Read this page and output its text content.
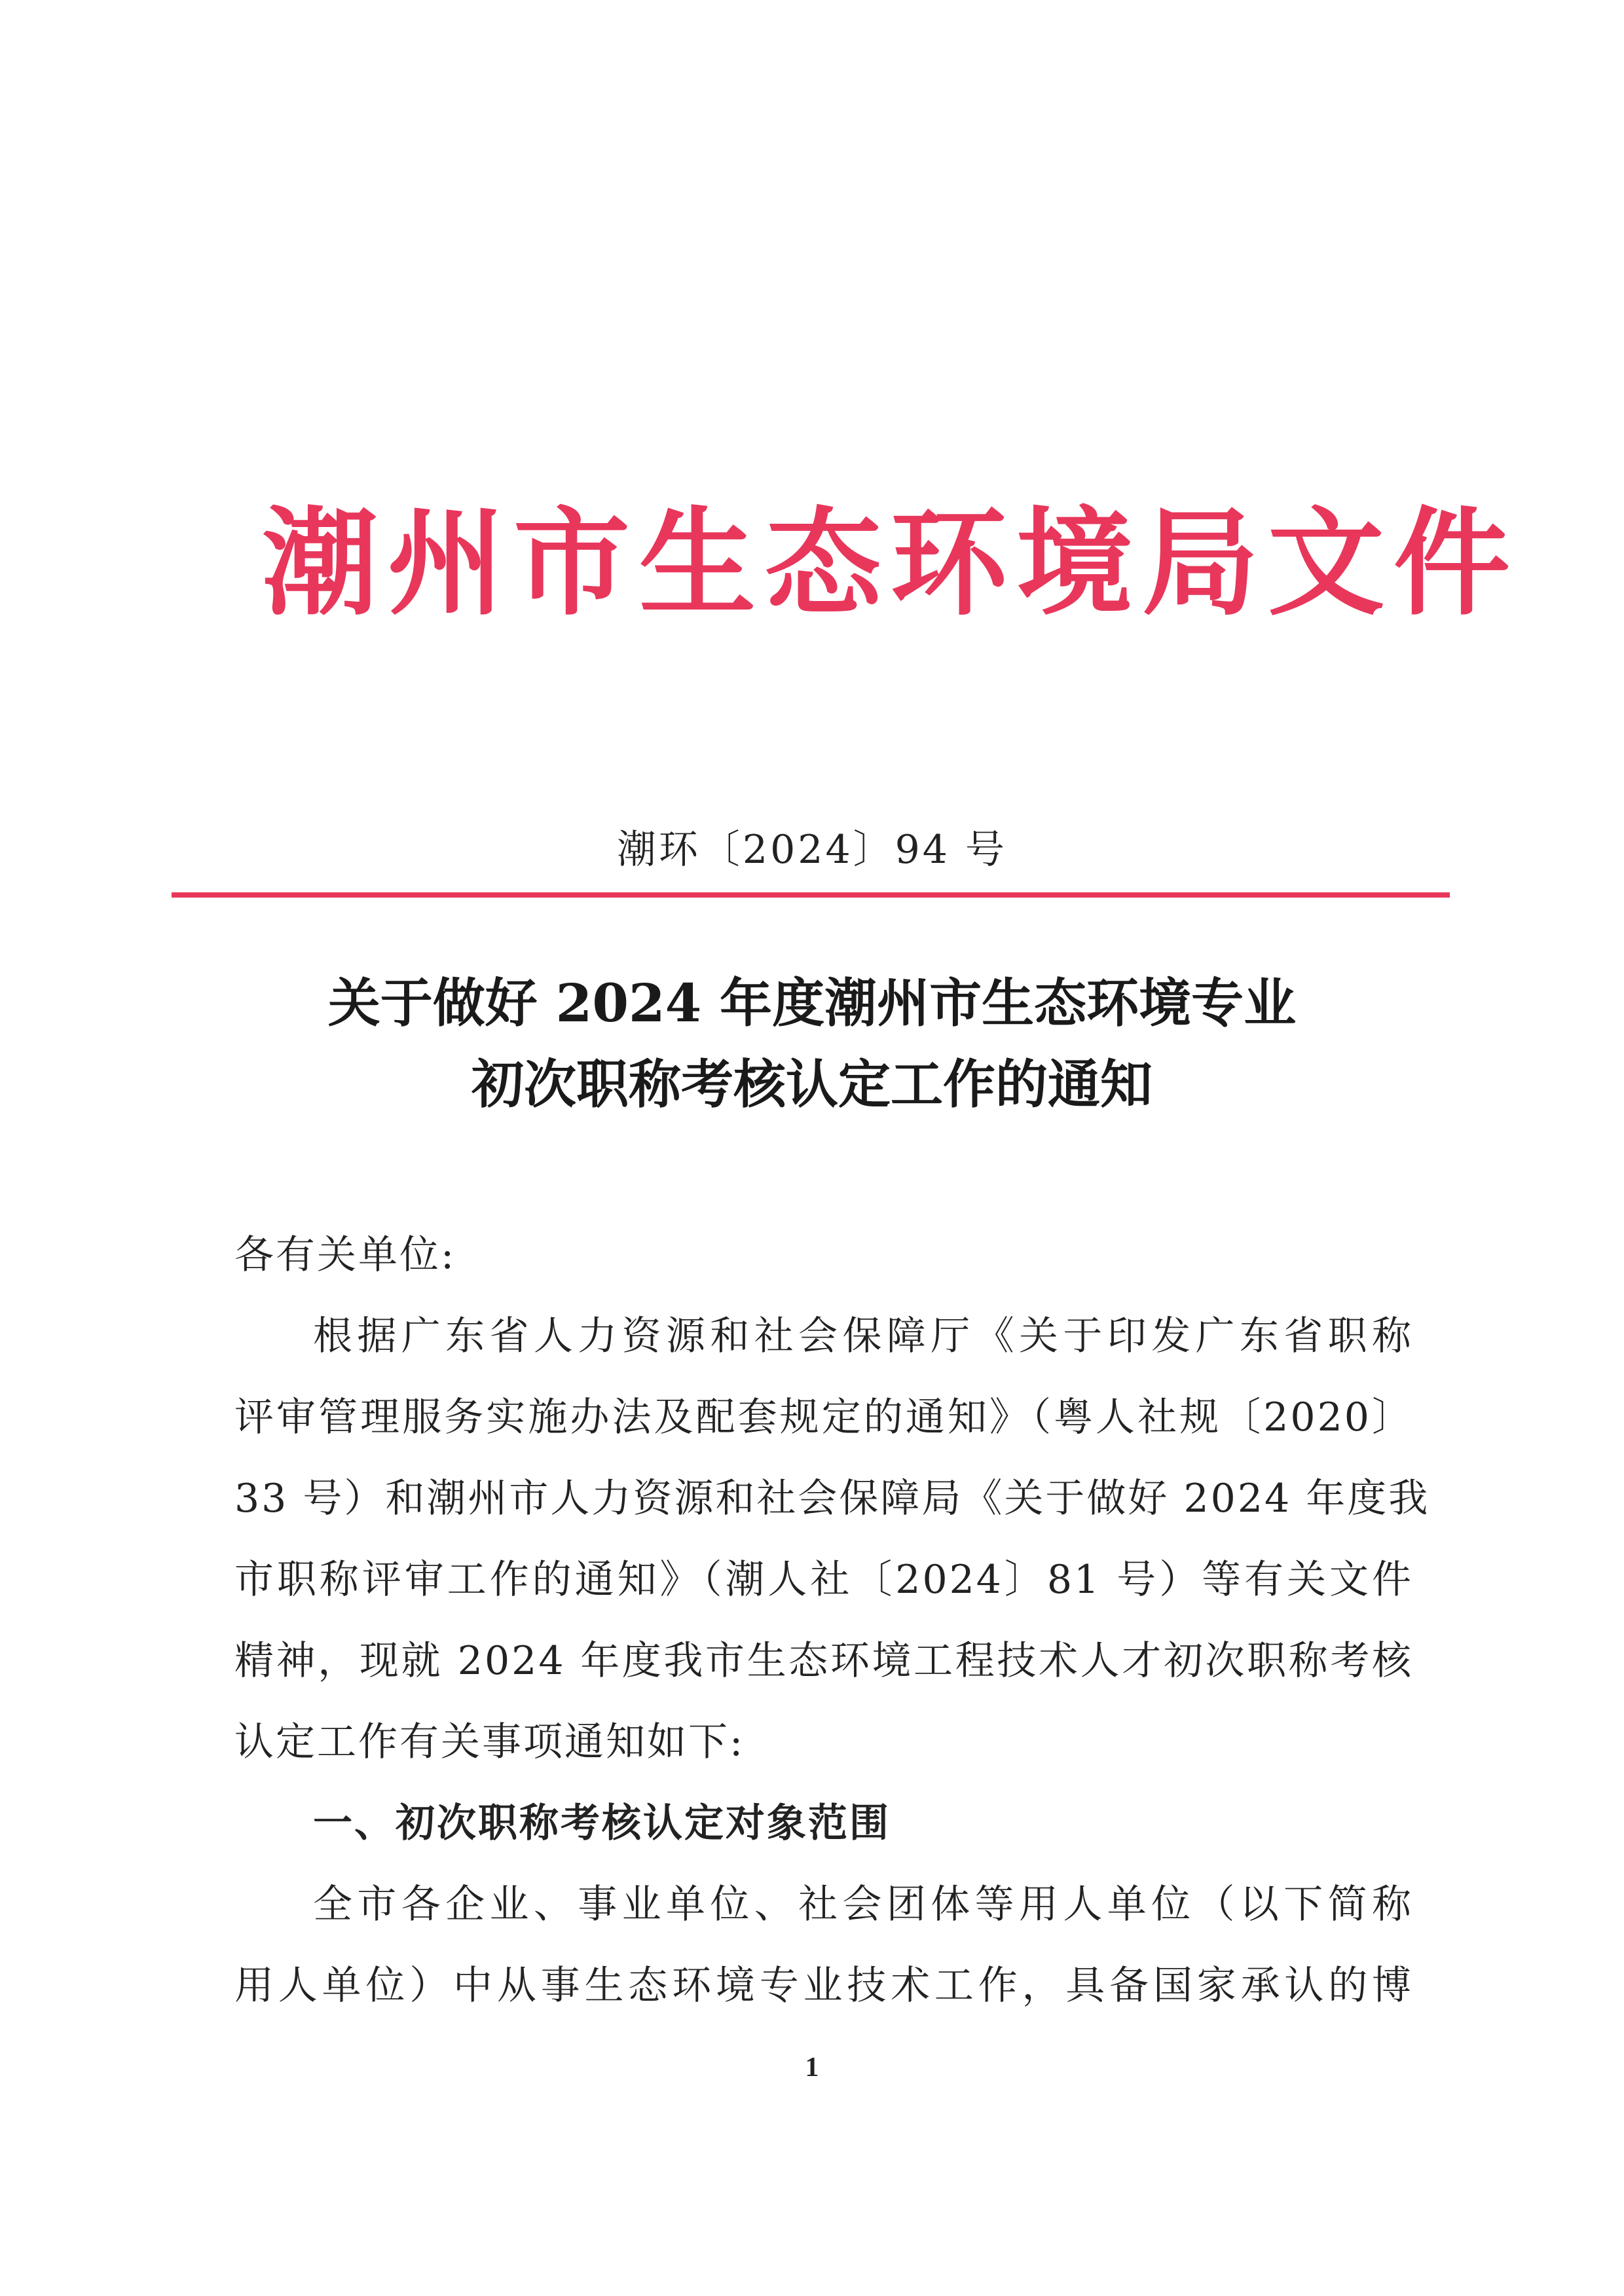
潮州市生态环境局文件
潮环〔2024〕94 号
关于做好 2024 年度潮州市生态环境专业
初次职称考核认定工作的通知
各有关单位:
根据广东省人力资源和社会保障厅《关于印发广东省职称
评审管理服务实施办法及配套规定的通知》（粤人社规〔2020〕
33 号）和潮州市人力资源和社会保障局《关于做好 2024 年度我
市职称评审工作的通知》（潮人社〔2024〕81 号）等有关文件
精神，现就 2024 年度我市生态环境工程技术人才初次职称考核
认定工作有关事项通知如下:
一、初次职称考核认定对象范围
全市各企业、事业单位、社会团体等用人单位（以下简称
用人单位）中从事生态环境专业技术工作，具备国家承认的博
1
